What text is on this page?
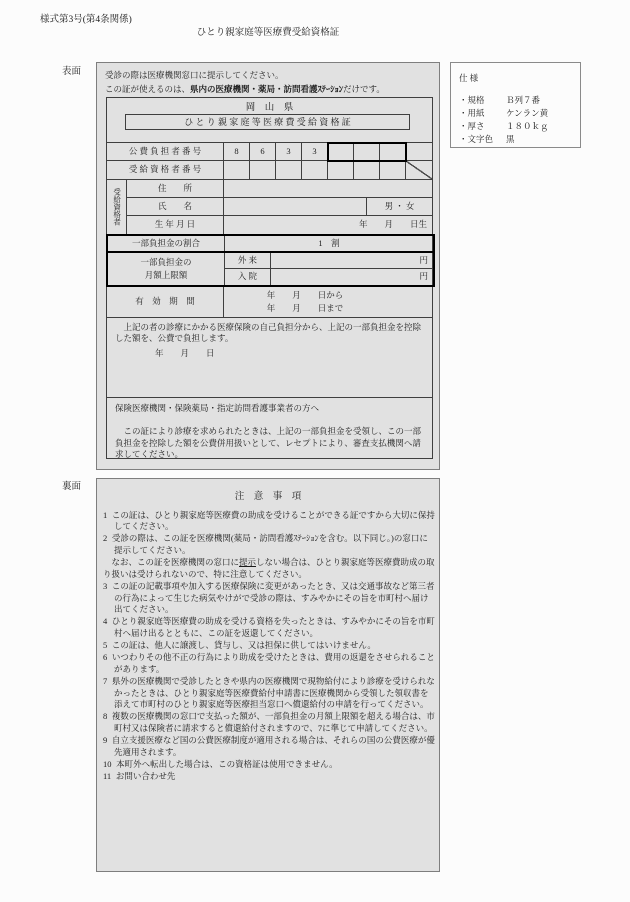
様式第3号(第4条関係)
ひとり親家庭等医療費受給資格証
表面	受診の際は医療機関窓口に提示してください。
この証が使えるのは、県内の医療機関・薬局・訪問看護ｽﾃｰｼｮﾝだけです。
岡　山　県
ひ と り 親 家 庭 等 医 療 費 受 給 資 格 証
公 費 負 担 者 番 号	8	6	3	3
受 給 資 格 者 番 号
受給資格者
住　　所
氏　　名	男 ・ 女
生 年 月 日	年　　月　　日生
一部負担金の割合	1　割
一部負担金の
月額上限額
外 来	円
入 院	円
有　効　期　間
年　　月　　日から
年　　月　　日まで

上記の者の診療にかかる医療保険の自己負担分から、上記の一部負担金を控除した額を、公費で負担します。

年　　月　　日
保険医療機関・保険薬局・指定訪問看護事業者の方へ

この証により診療を求められたときは、上記の一部負担金を受領し、この一部負担金を控除した額を公費併用扱いとして、レセプトにより、審査支払機関へ請求してください。

仕 様
・規格	Ｂ列７番
・用紙	ケンラン黄
・厚さ	１８０ｋｇ
・文字色	黒
裏面
注　意　事　項
1 この証は、ひとり親家庭等医療費の助成を受けることができる証ですから大切に保持してください。
2 受診の際は、この証を医療機関(薬局・訪問看護ｽﾃｰｼｮﾝを含む。以下同じ。)の窓口に提示してください。
なお、この証を医療機関の窓口に提示しない場合は、ひとり親家庭等医療費助成の取り扱いは受けられないので、特に注意してください。
3 この証の記載事項や加入する医療保険に変更があったとき、又は交通事故など第三者の行為によって生じた病気やけがで受診の際は、すみやかにその旨を市町村へ届け出てください。
4 ひとり親家庭等医療費の助成を受ける資格を失ったときは、すみやかにその旨を市町村へ届け出るとともに、この証を返還してください。
5 この証は、他人に譲渡し、貸与し、又は担保に供してはいけません。
6 いつわりその他不正の行為により助成を受けたときは、費用の返還をさせられることがあります。
7 県外の医療機関で受診したときや県内の医療機関で現物給付により診療を受けられなかったときは、ひとり親家庭等医療費給付申請書に医療機関から受領した領収書を添えて市町村のひとり親家庭等医療担当窓口へ償還給付の申請を行ってください。
8 複数の医療機関の窓口で支払った額が、一部負担金の月額上限額を超える場合は、市町村又は保険者に請求すると償還給付されますので、7に準じて申請してください。
9 自立支援医療など国の公費医療制度が適用される場合は、それらの国の公費医療が優先適用されます。
10 本町外へ転出した場合は、この資格証は使用できません。
11 お問い合わせ先
